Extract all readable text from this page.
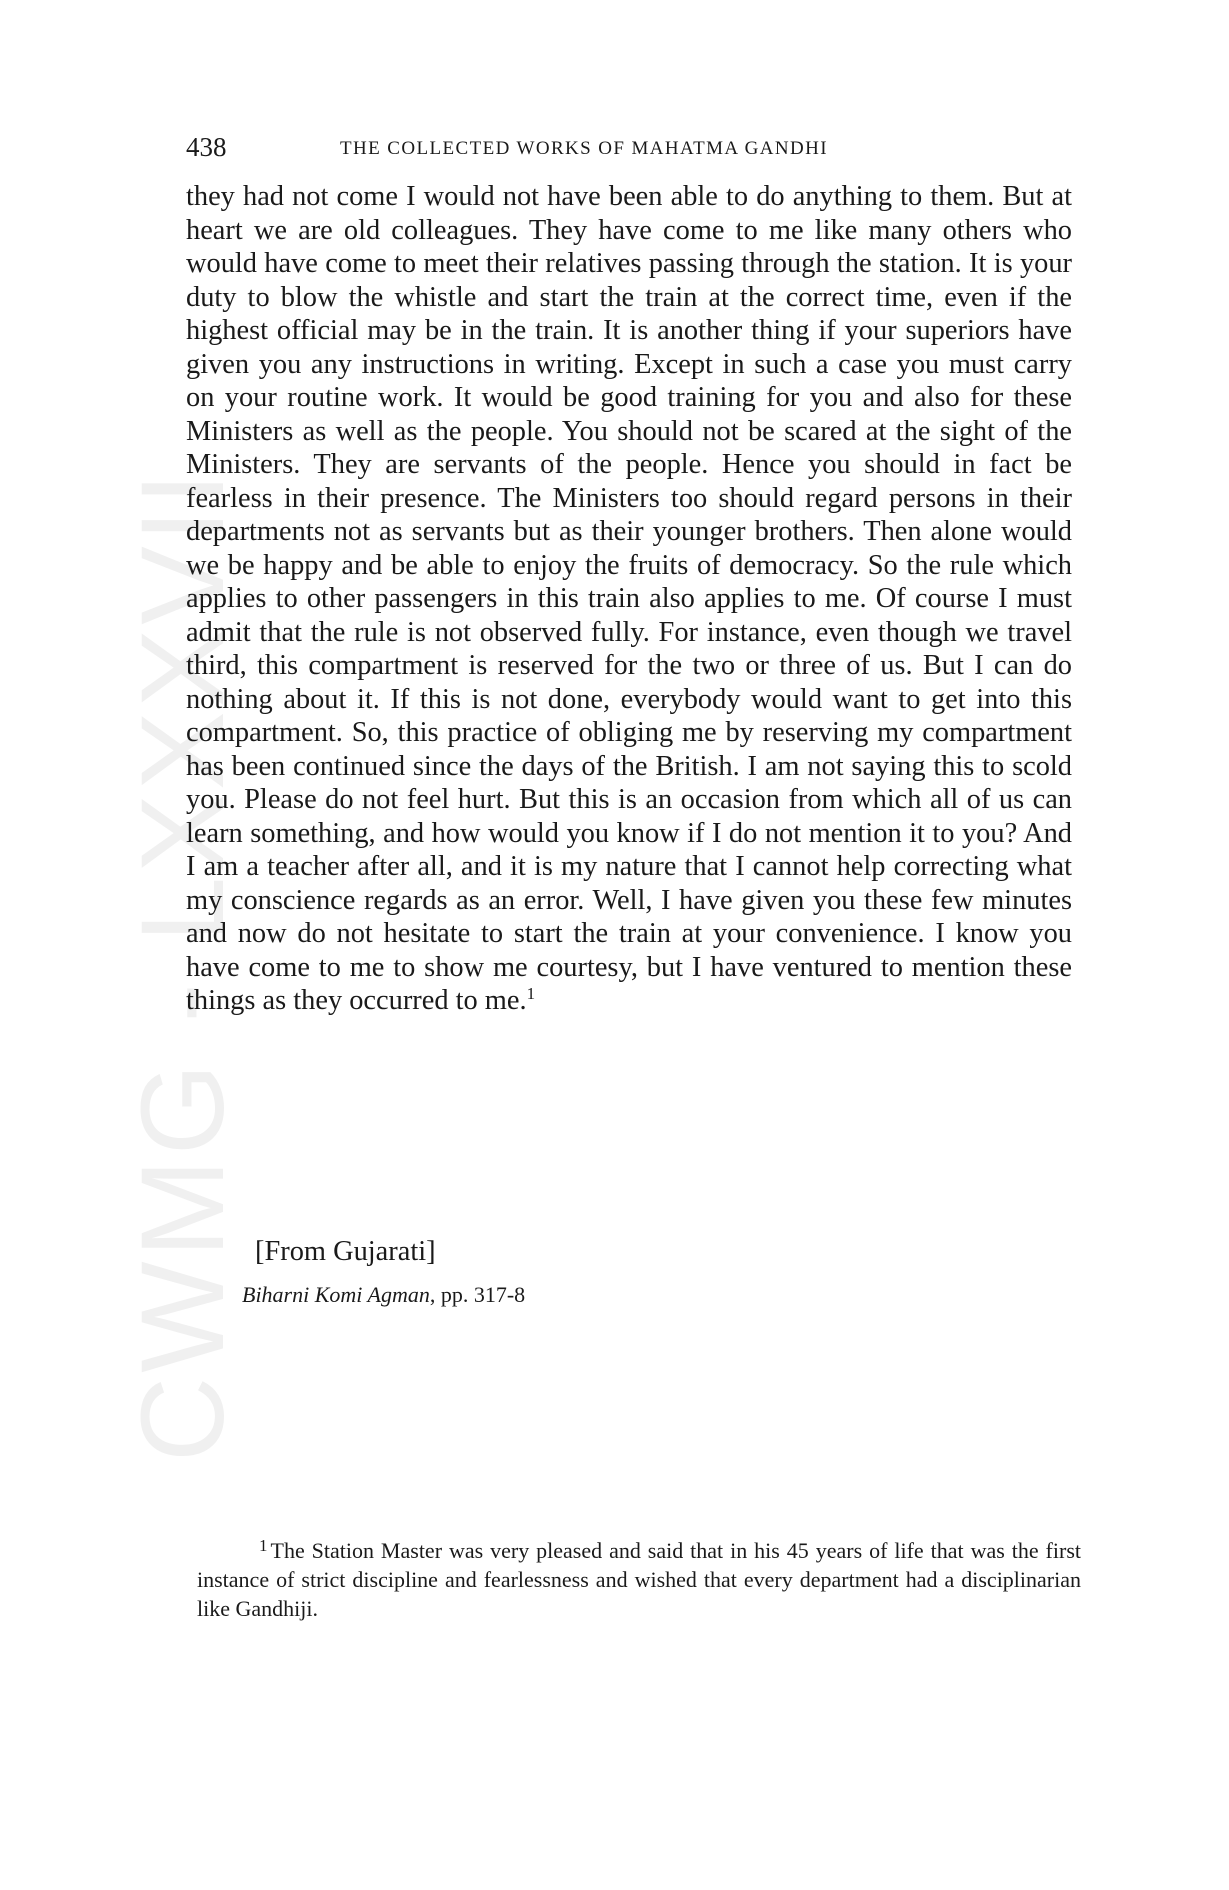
CWMG - LXXXVII
438	THE COLLECTED WORKS OF MAHATMA GANDHI

they had not come I would not have been able to do anything to them. But at heart we are old colleagues. They have come to me like many others who would have come to meet their relatives passing through the station. It is your duty to blow the whistle and start the train at the correct time, even if the highest official may be in the train. It is another thing if your superiors have given you any instructions in writing. Except in such a case you must carry on your routine work. It would be good training for you and also for these Ministers as well as the people. You should not be scared at the sight of the Ministers. They are servants of the people. Hence you should in fact be fearless in their presence. The Ministers too should regard persons in their departments not as servants but as their younger brothers. Then alone would we be happy and be able to enjoy the fruits of democracy. So the rule which applies to other passengers in this train also applies to me. Of course I must admit that the rule is not observed fully. For instance, even though we travel third, this compartment is reserved for the two or three of us. But I can do nothing about it. If this is not done, everybody would want to get into this compartment. So, this practice of obliging me by reserving my compartment has been continued since the days of the British. I am not saying this to scold you. Please do not feel hurt. But this is an occasion from which all of us can learn something, and how would you know if I do not mention it to you? And I am a teacher after all, and it is my nature that I cannot help correcting what my conscience regards as an error. Well, I have given you these few minutes and now do not hesitate to start the train at your convenience. I know you have come to me to show me courtesy, but I have ventured to mention these things as they occurred to me.$^1$

[From Gujarati]
Biharni Komi Agman, pp. 317-8

$^1$ The Station Master was very pleased and said that in his 45 years of life that was the first instance of strict discipline and fearlessness and wished that every department had a disciplinarian like Gandhiji.
